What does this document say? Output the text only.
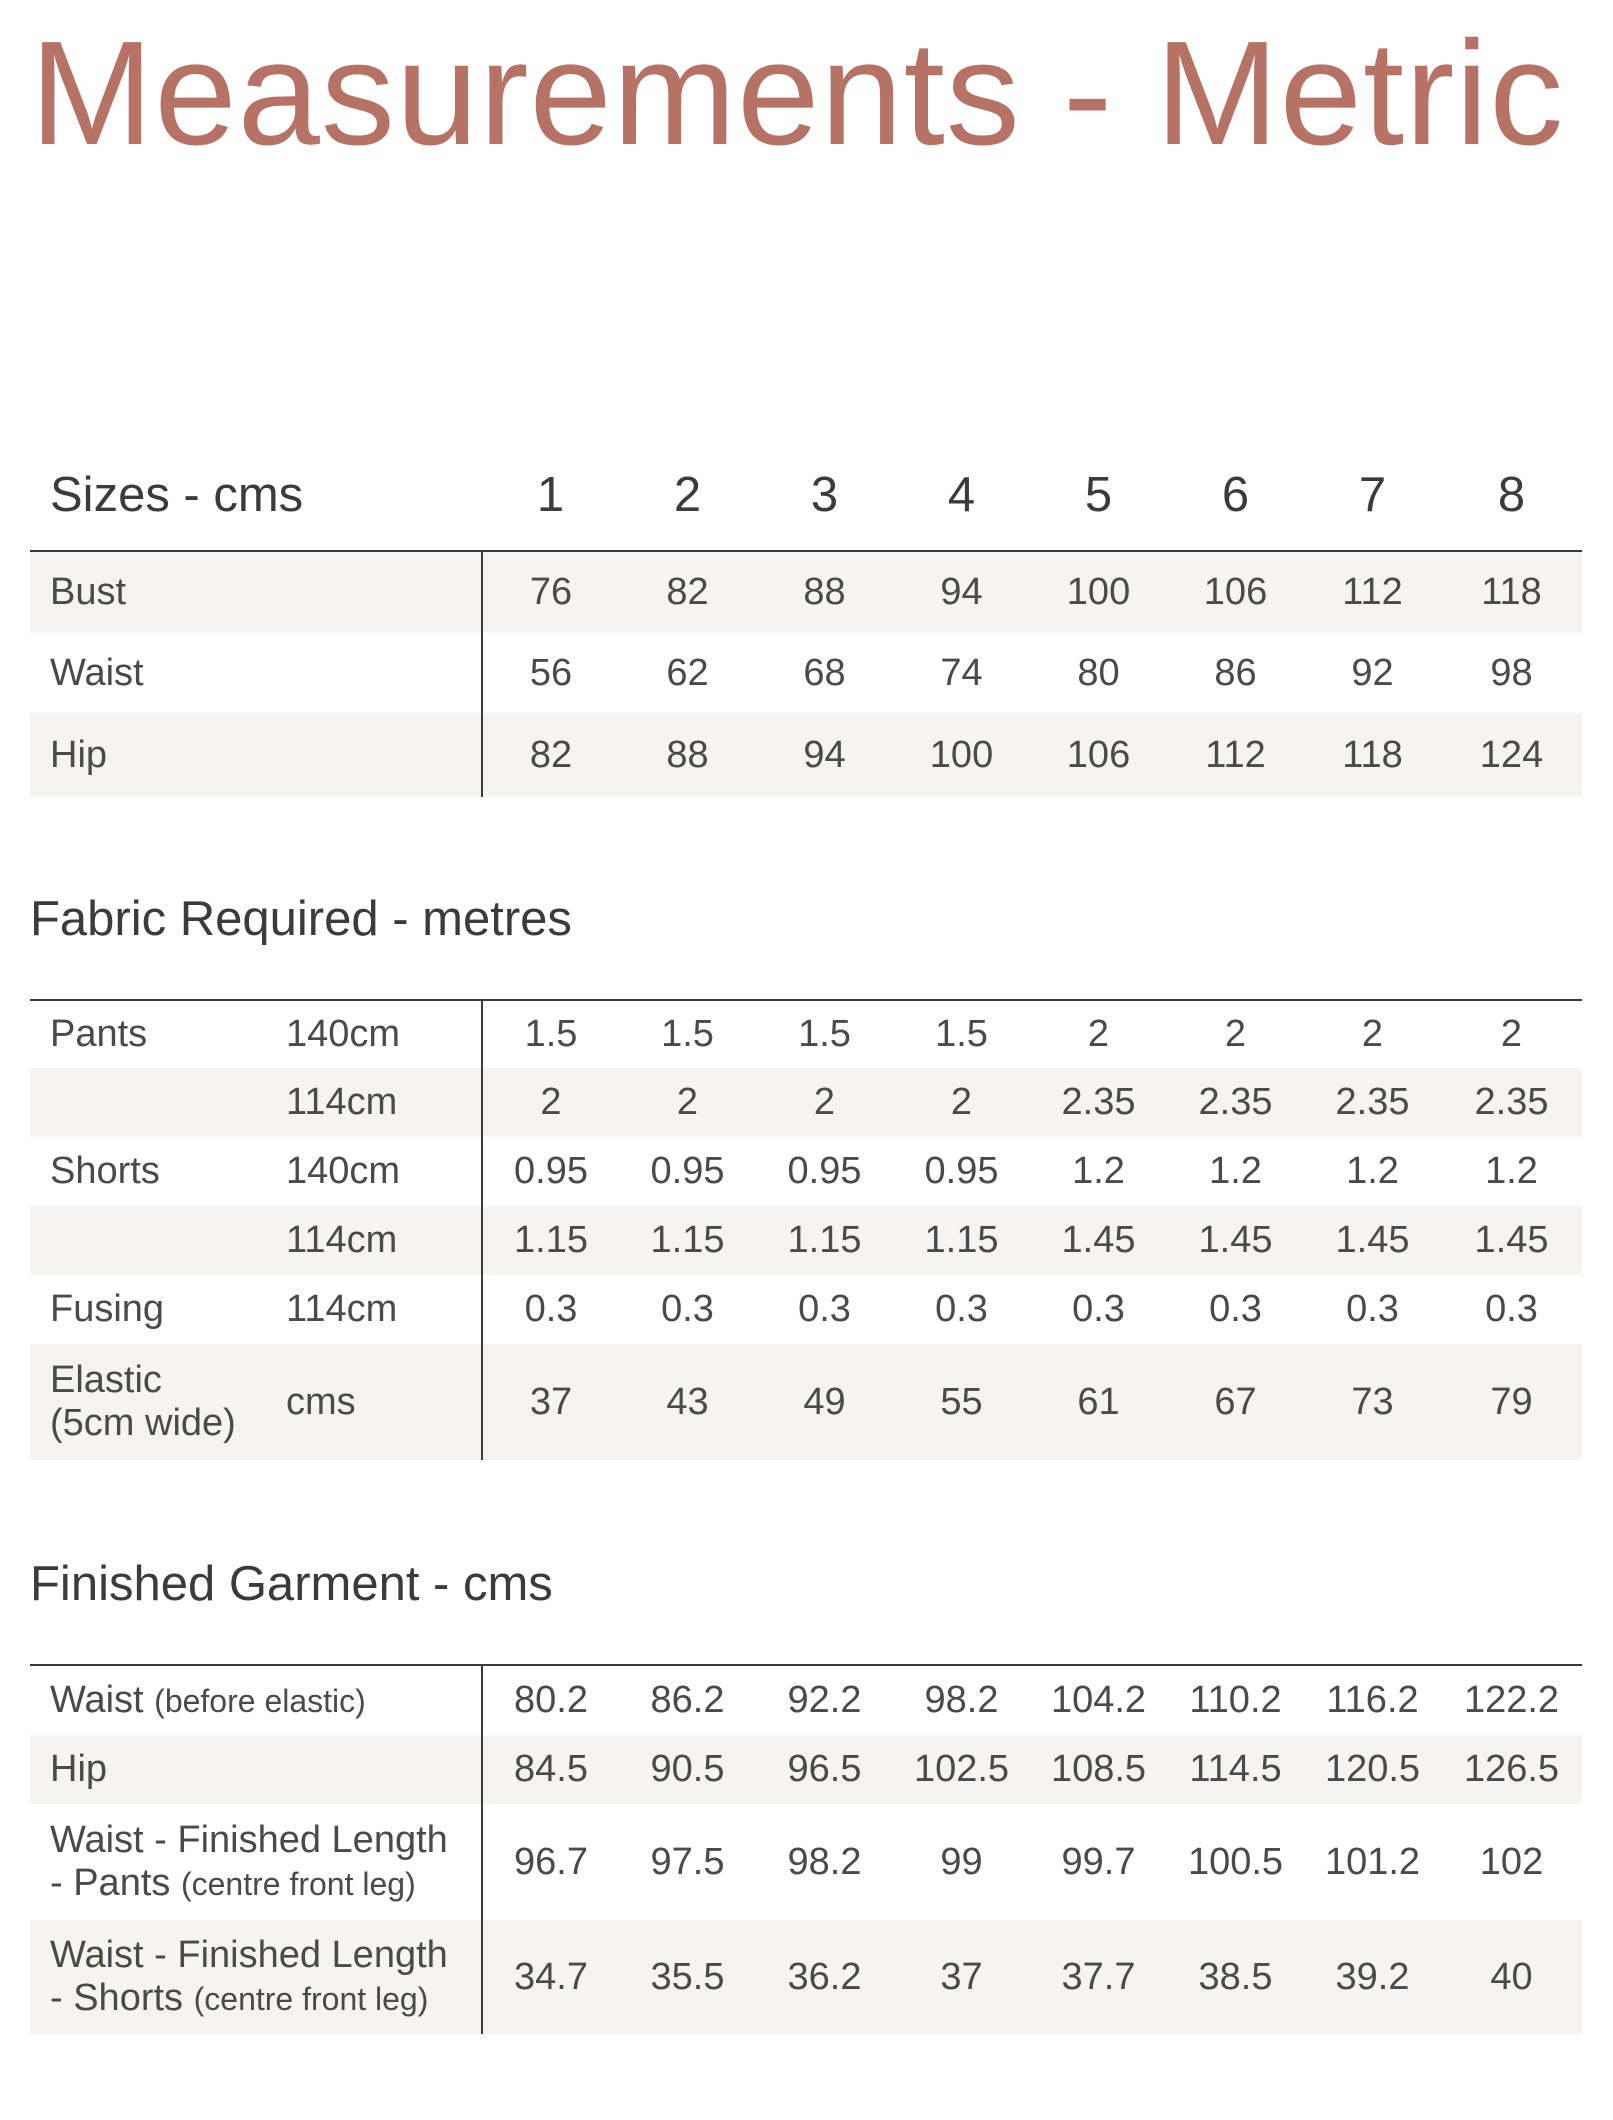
Measurements - Metric
Sizes - cms	1	2	3	4	5	6	7	8
Bust	76	82	88	94	100	106	112	118
Waist	56	62	68	74	80	86	92	98
Hip	82	88	94	100	106	112	118	124
Fabric Required - metres
Pants	140cm	1.5	1.5	1.5	1.5	2	2	2	2
	114cm	2	2	2	2	2.35	2.35	2.35	2.35
Shorts	140cm	0.95	0.95	0.95	0.95	1.2	1.2	1.2	1.2
	114cm	1.15	1.15	1.15	1.15	1.45	1.45	1.45	1.45
Fusing	114cm	0.3	0.3	0.3	0.3	0.3	0.3	0.3	0.3

Elastic
(5cm wide)	cms	37	43	49	55	61	67	73	79
Finished Garment - cms
Waist (before elastic)	80.2	86.2	92.2	98.2	104.2	110.2	116.2	122.2
Hip	84.5	90.5	96.5	102.5	108.5	114.5	120.5	126.5

Waist - Finished Length
- Pants (centre front leg)	96.7	97.5	98.2	99	99.7	100.5	101.2	102

Waist - Finished Length
- Shorts (centre front leg)	34.7	35.5	36.2	37	37.7	38.5	39.2	40
